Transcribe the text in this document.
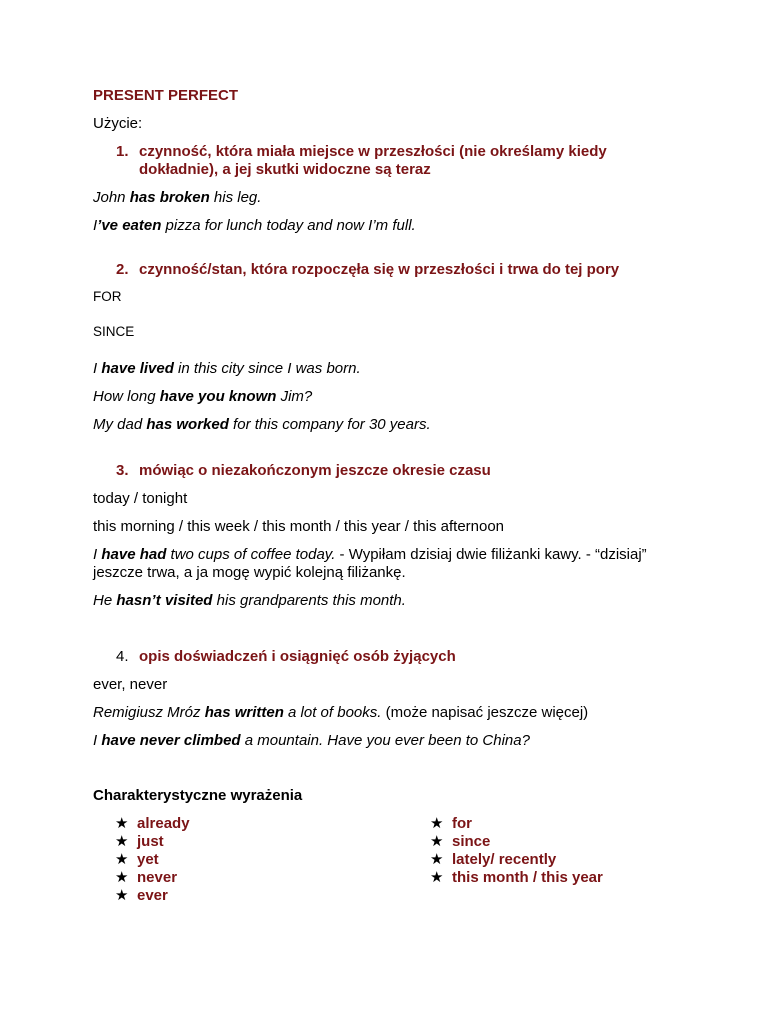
PRESENT PERFECT
Użycie:
1. czynność, która miała miejsce w przeszłości (nie określamy kiedy dokładnie), a jej skutki widoczne są teraz
John has broken his leg.
I’ve eaten pizza for lunch today and now I’m full.
2. czynność/stan, która rozpoczęła się w przeszłości i trwa do tej pory
FOR
SINCE
I have lived in this city since I was born.
How long have you known Jim?
My dad has worked for this company for 30 years.
3. mówiąc o niezakończonym jeszcze okresie czasu
today / tonight
this morning / this week / this month / this year / this afternoon
I have had two cups of coffee today. - Wypiłam dzisiaj dwie filiżanki kawy. - “dzisiaj” jeszcze trwa, a ja mogę wypić kolejną filiżankę.
He hasn’t visited his grandparents this month.
4. opis doświadczeń i osiągnięć osób żyjących
ever, never
Remigiusz Mróz has written a lot of books. (może napisać jeszcze więcej)
I have never climbed a mountain. Have you ever been to China?
Charakterystyczne wyrażenia
★ already
★ just
★ yet
★ never
★ ever
★ for
★ since
★ lately/ recently
★ this month / this year
